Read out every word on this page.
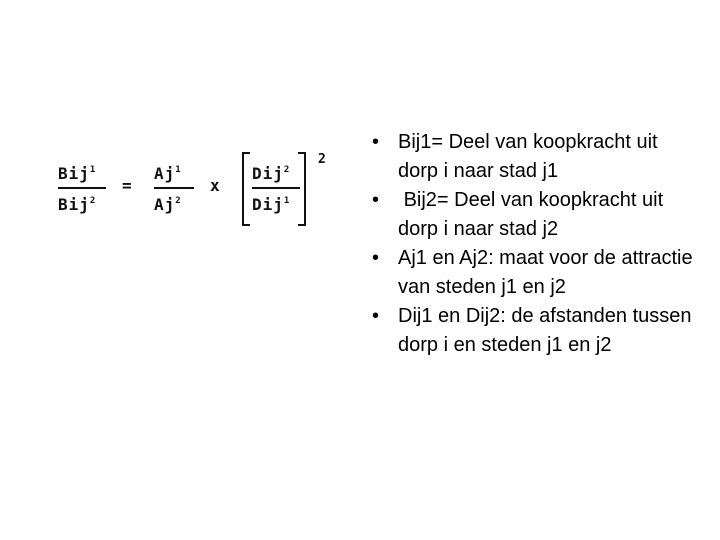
Bij$^1$
Bij$^2$
=
$Aj^1$
Aj$^2$
x
Dij$^2$
Dij$^1$
2
• Bij1= Deel van koopkracht uit dorp i naar stad j1
• Bij2= Deel van koopkracht uit dorp i naar stad j2
• Aj1 en Aj2: maat voor de attractie van steden j1 en j2
• Dij1 en Dij2: de afstanden tussen dorp i en steden j1 en j2
